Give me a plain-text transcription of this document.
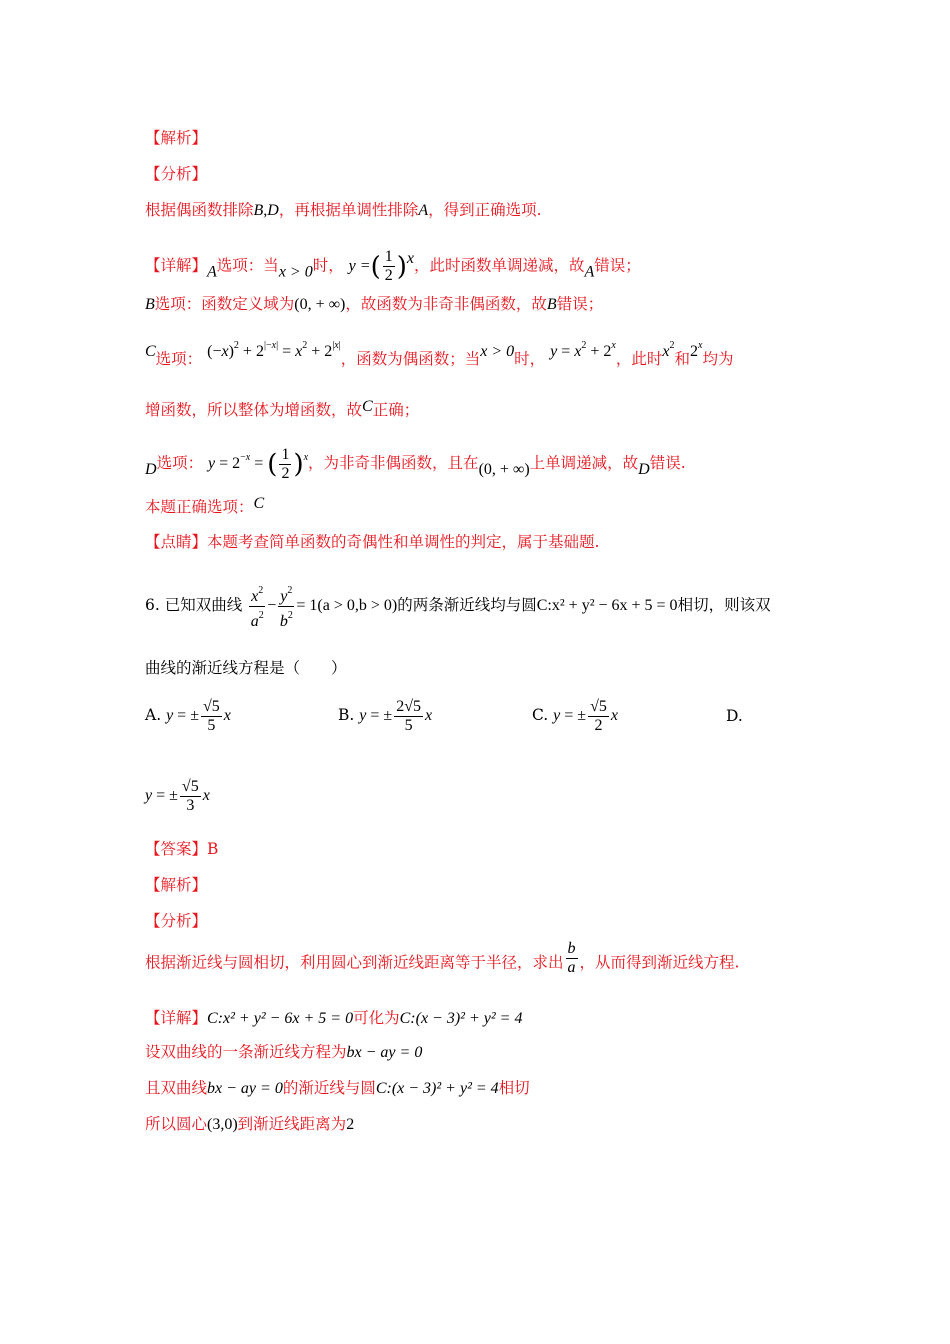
【解析】
【分析】
根据偶函数排除B,D，再根据单调性排除A，得到正确选项.
【详解】A选项：当x > 0时， y =( $\frac{1}{2} )^x$，此时函数单调递减，故A错误；
B选项：函数定义域为(0, + ∞)，故函数为非奇非偶函数，故B错误；
C选项： $(-x)^2 + 2^{|-x|} = x^2 + 2^{|x|}$，函数为偶函数；当x > 0时， $y = x^2 + 2^x$，此时$x^2$和2$^x$均为
增函数，所以整体为增函数，故C正确；
D选项： $y = 2^{-x}$ = ( $\frac{1}{2} )^x$，为非奇非偶函数，且在(0, + ∞)上单调递减，故D错误.
本题正确选项：C
【点睛】本题考查简单函数的奇偶性和单调性的判定，属于基础题.
6. 已知双曲线 $\frac{x^2}{a^2} - \frac{y^2}{b^2} = 1(a > 0,b > 0)$的两条渐近线均与圆C:x² + y² − 6x + 5 = 0相切，则该双
曲线的渐近线方程是（　　）
A. y = ± $\frac{√5}{5}$ x	B. y = ± $\frac{2√5}{5}$ x	C. y = ± $\frac{√5}{2}$ x	D.
y = ± $\frac{√5}{3}$ x
【答案】B
【解析】
【分析】
根据渐近线与圆相切，利用圆心到渐近线距离等于半径，求出 $\frac{b}{a}$ ，从而得到渐近线方程.
【详解】C:x² + y² − 6x + 5 = 0可化为C:(x − 3)² + y² = 4
设双曲线的一条渐近线方程为bx − ay = 0
且双曲线bx − ay = 0的渐近线与圆C:(x − 3)² + y² = 4相切
所以圆心(3,0)到渐近线距离为2
